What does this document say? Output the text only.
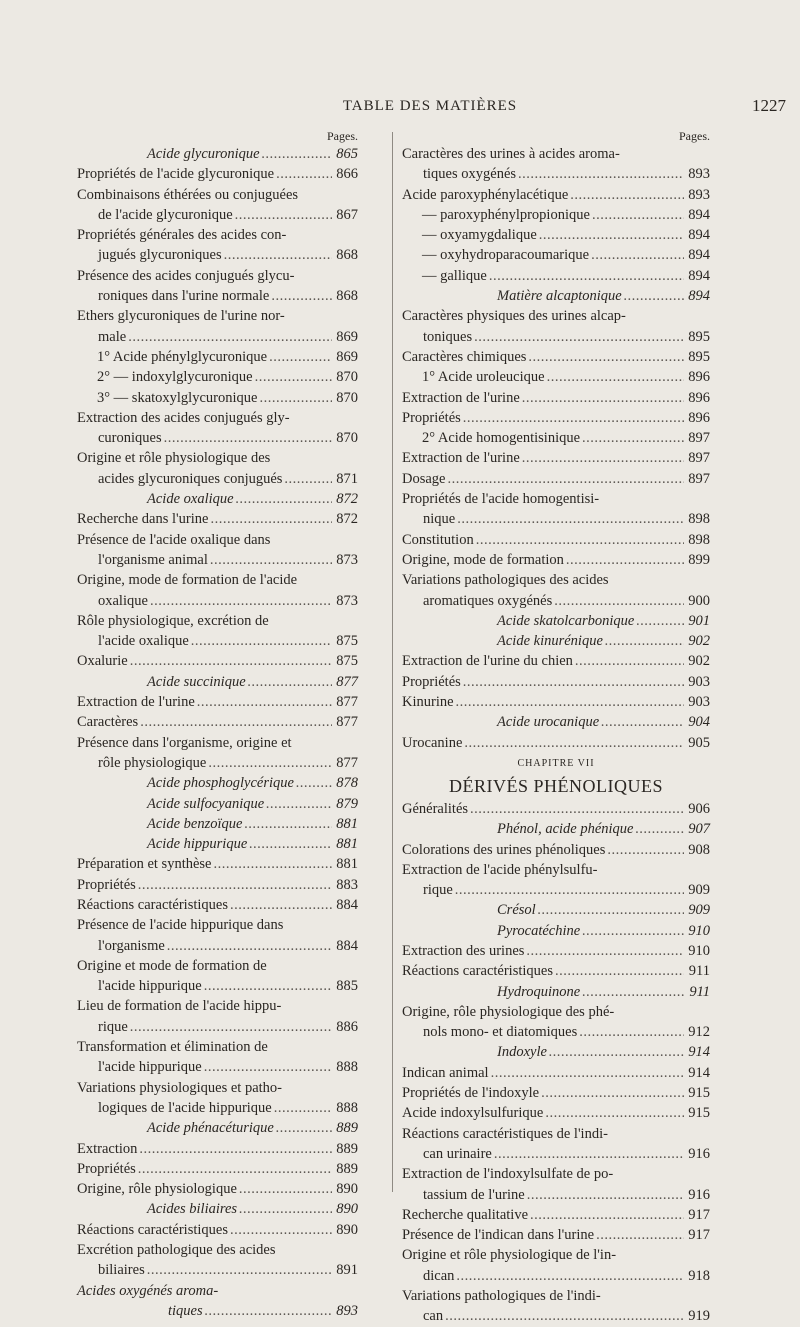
TABLE DES MATIÈRES	1227
Pages.
Acide glycuronique .....	865
Propriétés de l'acide glycuronique .....	866
Combinaisons éthérées ou conjuguées
de l'acide glycuronique .....	867
Propriétés générales des acides con-
jugués glycuroniques .....	868
Présence des acides conjugués glycu-
roniques dans l'urine normale .....	868
Ethers glycuroniques de l'urine nor-
male .....	869
1° Acide phénylglycuronique .....	869
2° — indoxylglycuronique .....	870
3° — skatoxylglycuronique .....	870
Extraction des acides conjugués gly-
curoniques .....	870
Origine et rôle physiologique des
acides glycuroniques conjugués .....	871
Acide oxalique .....	872
Recherche dans l'urine .....	872
Présence de l'acide oxalique dans
l'organisme animal .....	873
Origine, mode de formation de l'acide
oxalique .....	873
Rôle physiologique, excrétion de
l'acide oxalique .....	875
Oxalurie .....	875
Acide succinique .....	877
Extraction de l'urine .....	877
Caractères .....	877
Présence dans l'organisme, origine et
rôle physiologique .....	877
Acide phosphoglycérique .....	878
Acide sulfocyanique .....	879
Acide benzoïque .....	881
Acide hippurique .....	881
Préparation et synthèse .....	881
Propriétés .....	883
Réactions caractéristiques .....	884
Présence de l'acide hippurique dans
l'organisme .....	884
Origine et mode de formation de
l'acide hippurique .....	885
Lieu de formation de l'acide hippu-
rique .....	886
Transformation et élimination de
l'acide hippurique .....	888
Variations physiologiques et patho-
logiques de l'acide hippurique .....	888
Acide phénacéturique .....	889
Extraction .....	889
Propriétés .....	889
Origine, rôle physiologique .....	890
Acides biliaires .....	890
Réactions caractéristiques .....	890
Excrétion pathologique des acides
biliaires .....	891
Acides oxygénés aroma-
tiques .....	893
Pages.
Caractères des urines à acides aroma-
tiques oxygénés .....	893
Acide paroxyphénylacétique .....	893
— paroxyphénylpropionique .....	894
— oxyamygdalique .....	894
— oxyhydroparacoumarique .....	894
— gallique .....	894
Matière alcaptonique .....	894
Caractères physiques des urines alcap-
toniques .....	895
Caractères chimiques .....	895
1° Acide uroleucique .....	896
Extraction de l'urine .....	896
Propriétés .....	896
2° Acide homogentisinique .....	897
Extraction de l'urine .....	897
Dosage .....	897
Propriétés de l'acide homogentisi-
nique .....	898
Constitution .....	898
Origine, mode de formation .....	899
Variations pathologiques des acides
aromatiques oxygénés .....	900
Acide skatolcarbonique .....	901
Acide kinurénique .....	902
Extraction de l'urine du chien .....	902
Propriétés .....	903
Kinurine .....	903
Acide urocanique .....	904
Urocanine .....	905
CHAPITRE VII
DÉRIVÉS PHÉNOLIQUES
Généralités .....	906
Phénol, acide phénique .....	907
Colorations des urines phénoliques .....	908
Extraction de l'acide phénylsulfu-
rique .....	909
Crésol .....	909
Pyrocatéchine .....	910
Extraction des urines .....	910
Réactions caractéristiques .....	911
Hydroquinone .....	911
Origine, rôle physiologique des phé-
nols mono- et diatomiques .....	912
Indoxyle .....	914
Indican animal .....	914
Propriétés de l'indoxyle .....	915
Acide indoxylsulfurique .....	915
Réactions caractéristiques de l'indi-
can urinaire .....	916
Extraction de l'indoxylsulfate de po-
tassium de l'urine .....	916
Recherche qualitative .....	917
Présence de l'indican dans l'urine .....	917
Origine et rôle physiologique de l'in-
dican .....	918
Variations pathologiques de l'indi-
can .....	919
